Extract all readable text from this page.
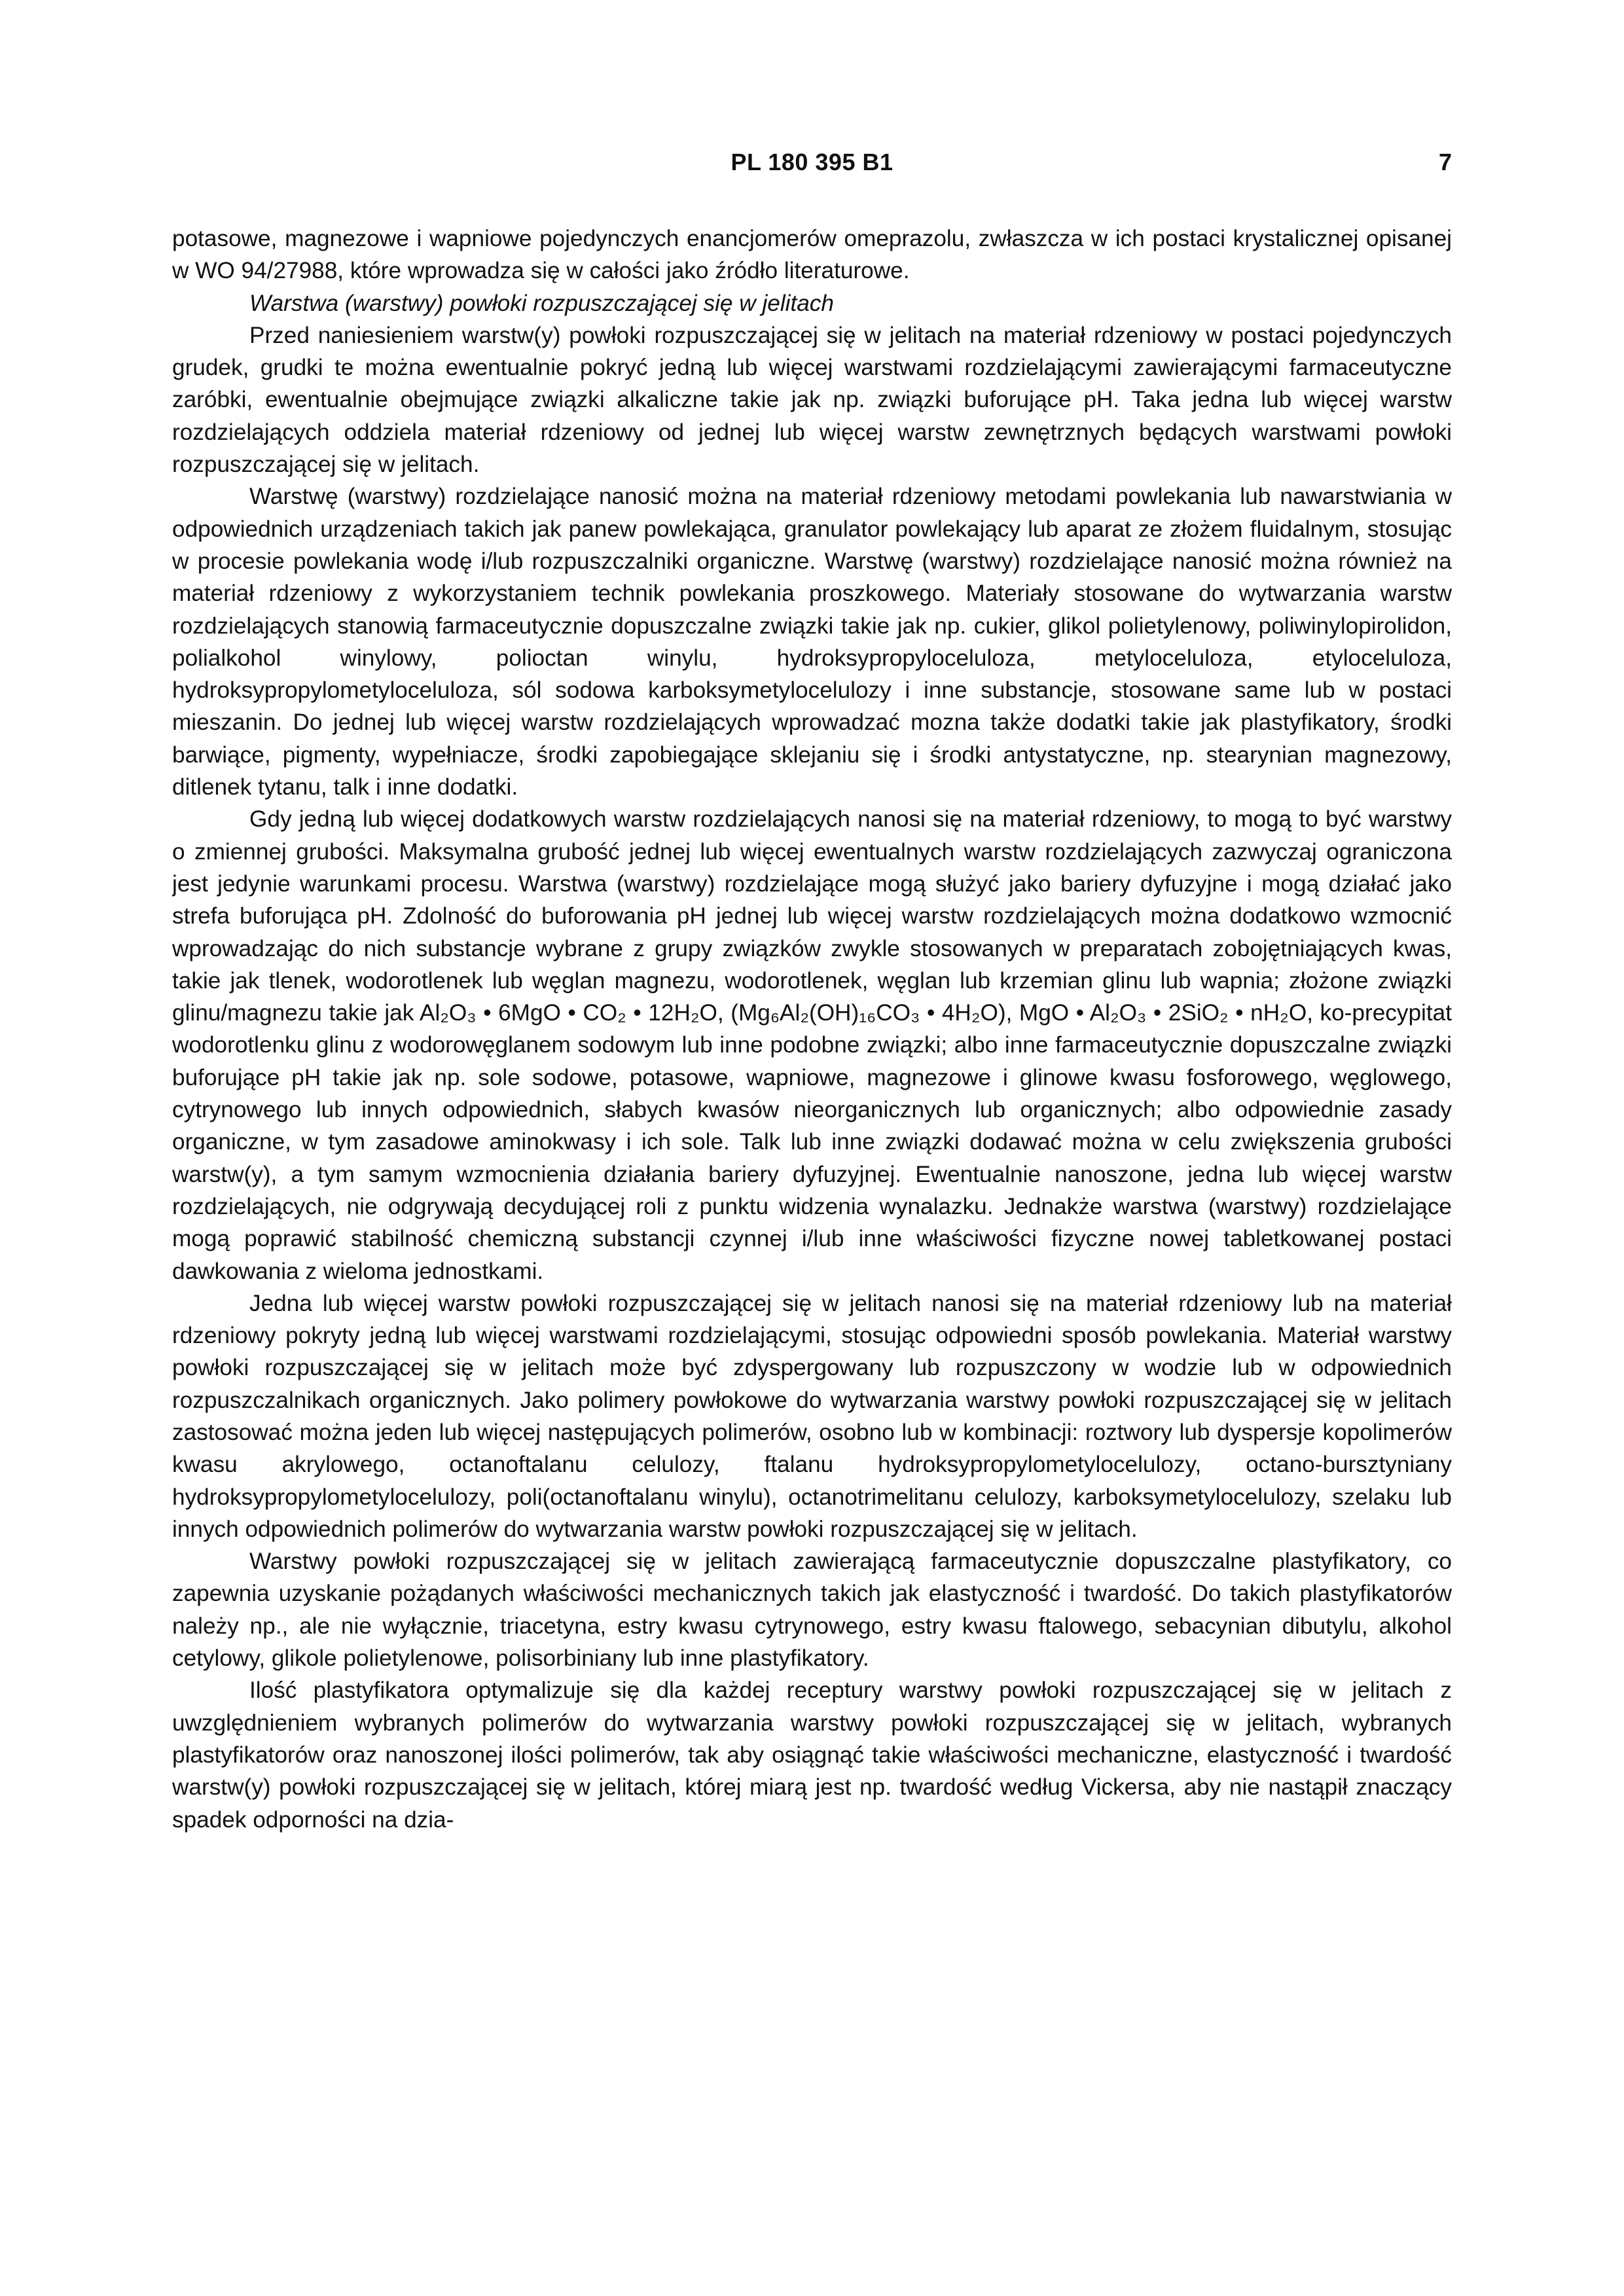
PL 180 395 B1	7

potasowe, magnezowe i wapniowe pojedynczych enancjomerów omeprazolu, zwłaszcza w ich postaci krystalicznej opisanej w WO 94/27988, które wprowadza się w całości jako źródło literaturowe.

Warstwa (warstwy) powłoki rozpuszczającej się w jelitach

Przed naniesieniem warstw(y) powłoki rozpuszczającej się w jelitach na materiał rdzeniowy w postaci pojedynczych grudek, grudki te można ewentualnie pokryć jedną lub więcej warstwami rozdzielającymi zawierającymi farmaceutyczne zaróbki, ewentualnie obejmujące związki alkaliczne takie jak np. związki buforujące pH. Taka jedna lub więcej warstw rozdzielających oddziela materiał rdzeniowy od jednej lub więcej warstw zewnętrznych będących warstwami powłoki rozpuszczającej się w jelitach.

Warstwę (warstwy) rozdzielające nanosić można na materiał rdzeniowy metodami powlekania lub nawarstwiania w odpowiednich urządzeniach takich jak panew powlekająca, granulator powlekający lub aparat ze złożem fluidalnym, stosując w procesie powlekania wodę i/lub rozpuszczalniki organiczne. Warstwę (warstwy) rozdzielające nanosić można również na materiał rdzeniowy z wykorzystaniem technik powlekania proszkowego. Materiały stosowane do wytwarzania warstw rozdzielających stanowią farmaceutycznie dopuszczalne związki takie jak np. cukier, glikol polietylenowy, poliwinylopirolidon, polialkohol winylowy, polioctan winylu, hydroksypropyloceluloza, metyloceluloza, etyloceluloza, hydroksypropylometyloceluloza, sól sodowa karboksymetylocelulozy i inne substancje, stosowane same lub w postaci mieszanin. Do jednej lub więcej warstw rozdzielających wprowadzać mozna także dodatki takie jak plastyfikatory, środki barwiące, pigmenty, wypełniacze, środki zapobiegające sklejaniu się i środki antystatyczne, np. stearynian magnezowy, ditlenek tytanu, talk i inne dodatki.

Gdy jedną lub więcej dodatkowych warstw rozdzielających nanosi się na materiał rdzeniowy, to mogą to być warstwy o zmiennej grubości. Maksymalna grubość jednej lub więcej ewentualnych warstw rozdzielających zazwyczaj ograniczona jest jedynie warunkami procesu. Warstwa (warstwy) rozdzielające mogą służyć jako bariery dyfuzyjne i mogą działać jako strefa buforująca pH. Zdolność do buforowania pH jednej lub więcej warstw rozdzielających można dodatkowo wzmocnić wprowadzając do nich substancje wybrane z grupy związków zwykle stosowanych w preparatach zobojętniających kwas, takie jak tlenek, wodorotlenek lub węglan magnezu, wodorotlenek, węglan lub krzemian glinu lub wapnia; złożone związki glinu/magnezu takie jak Al₂O₃ • 6MgO • CO₂ • 12H₂O, (Mg₆Al₂(OH)₁₆CO₃ • 4H₂O), MgO • Al₂O₃ • 2SiO₂ • nH₂O, ko-precypitat wodorotlenku glinu z wodorowęglanem sodowym lub inne podobne związki; albo inne farmaceutycznie dopuszczalne związki buforujące pH takie jak np. sole sodowe, potasowe, wapniowe, magnezowe i glinowe kwasu fosforowego, węglowego, cytrynowego lub innych odpowiednich, słabych kwasów nieorganicznych lub organicznych; albo odpowiednie zasady organiczne, w tym zasadowe aminokwasy i ich sole. Talk lub inne związki dodawać można w celu zwiększenia grubości warstw(y), a tym samym wzmocnienia działania bariery dyfuzyjnej. Ewentualnie nanoszone, jedna lub więcej warstw rozdzielających, nie odgrywają decydującej roli z punktu widzenia wynalazku. Jednakże warstwa (warstwy) rozdzielające mogą poprawić stabilność chemiczną substancji czynnej i/lub inne właściwości fizyczne nowej tabletkowanej postaci dawkowania z wieloma jednostkami.

Jedna lub więcej warstw powłoki rozpuszczającej się w jelitach nanosi się na materiał rdzeniowy lub na materiał rdzeniowy pokryty jedną lub więcej warstwami rozdzielającymi, stosując odpowiedni sposób powlekania. Materiał warstwy powłoki rozpuszczającej się w jelitach może być zdyspergowany lub rozpuszczony w wodzie lub w odpowiednich rozpuszczalnikach organicznych. Jako polimery powłokowe do wytwarzania warstwy powłoki rozpuszczającej się w jelitach zastosować można jeden lub więcej następujących polimerów, osobno lub w kombinacji: roztwory lub dyspersje kopolimerów kwasu akrylowego, octanoftalanu celulozy, ftalanu hydroksypropylometylocelulozy, octano-bursztyniany hydroksypropylometylocelulozy, poli(octanoftalanu winylu), octanotrimelitanu celulozy, karboksymetylocelulozy, szelaku lub innych odpowiednich polimerów do wytwarzania warstw powłoki rozpuszczającej się w jelitach.

Warstwy powłoki rozpuszczającej się w jelitach zawierającą farmaceutycznie dopuszczalne plastyfikatory, co zapewnia uzyskanie pożądanych właściwości mechanicznych takich jak elastyczność i twardość. Do takich plastyfikatorów należy np., ale nie wyłącznie, triacetyna, estry kwasu cytrynowego, estry kwasu ftalowego, sebacynian dibutylu, alkohol cetylowy, glikole polietylenowe, polisorbiniany lub inne plastyfikatory.

Ilość plastyfikatora optymalizuje się dla każdej receptury warstwy powłoki rozpuszczającej się w jelitach z uwzględnieniem wybranych polimerów do wytwarzania warstwy powłoki rozpuszczającej się w jelitach, wybranych plastyfikatorów oraz nanoszonej ilości polimerów, tak aby osiągnąć takie właściwości mechaniczne, elastyczność i twardość warstw(y) powłoki rozpuszczającej się w jelitach, której miarą jest np. twardość według Vickersa, aby nie nastąpił znaczący spadek odporności na dzia-
